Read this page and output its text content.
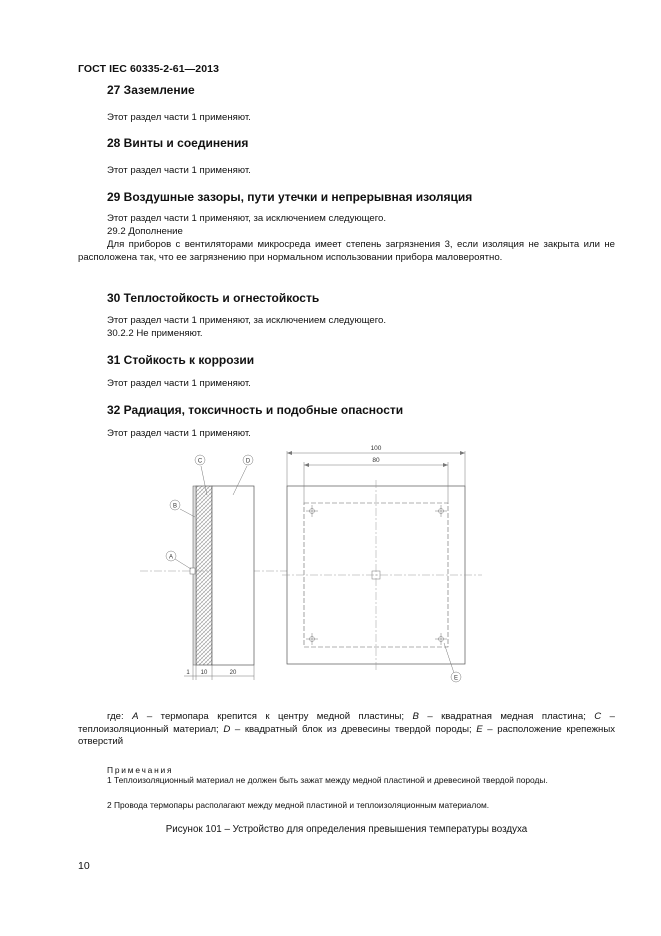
ГОСТ IEC 60335-2-61—2013
27 Заземление
Этот раздел части 1 применяют.
28 Винты и соединения
Этот раздел части 1 применяют.
29 Воздушные зазоры, пути утечки и непрерывная изоляция
Этот раздел части 1 применяют, за исключением следующего.
29.2 Дополнение
Для приборов с вентиляторами микросреда имеет степень загрязнения 3, если изоляция не закрыта или не расположена так, что ее загрязнению при нормальном использовании прибора маловероятно.
30 Теплостойкость и огнестойкость
Этот раздел части 1 применяют, за исключением следующего.
30.2.2 Не применяют.
31 Стойкость к коррозии
Этот раздел части 1 применяют.
32 Радиация, токсичность и подобные опасности
Этот раздел части 1 применяют.
C	D
B
A
1 10	20
E
100
80
где: A – термопара крепится к центру медной пластины; B – квадратная медная пластина; C – теплоизоляционный материал; D – квадратный блок из древесины твердой породы; E – расположение крепежных отверстий
Примечания
1 Теплоизоляционный материал не должен быть зажат между медной пластиной и древесиной твердой породы.
2 Провода термопары располагают между медной пластиной и теплоизоляционным материалом.
Рисунок 101 – Устройство для определения превышения температуры воздуха
10
